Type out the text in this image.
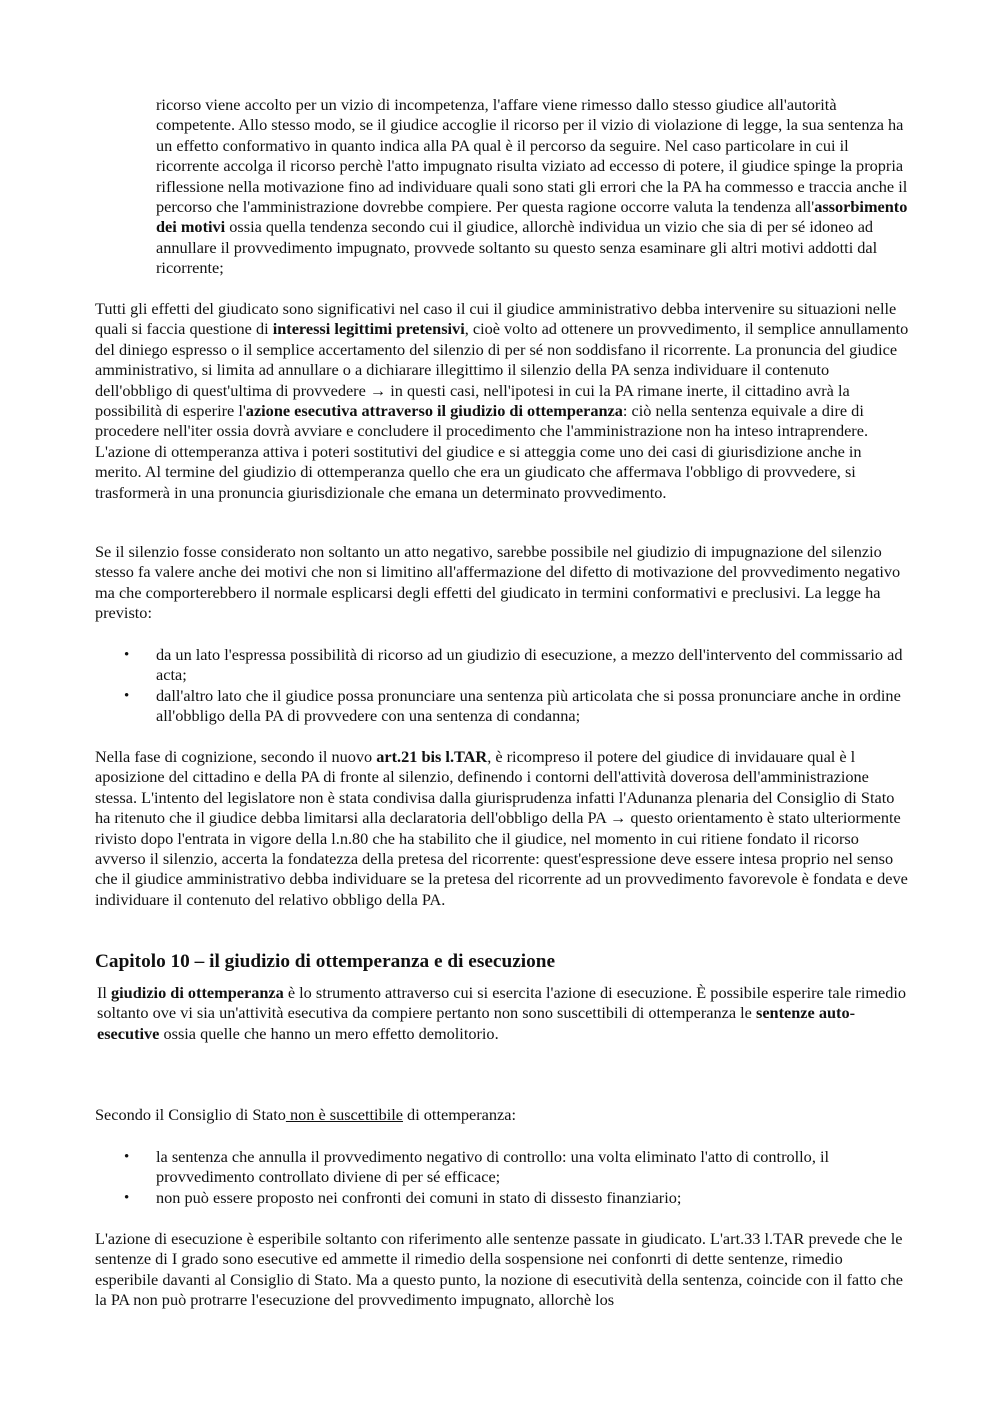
ricorso viene accolto per un vizio di incompetenza, l'affare viene rimesso dallo stesso giudice all'autorità competente. Allo stesso modo, se il giudice accoglie il ricorso per il vizio di violazione di legge, la sua sentenza ha un effetto conformativo in quanto indica alla PA qual è il percorso da seguire. Nel caso particolare in cui il ricorrente accolga il ricorso perchè l'atto impugnato risulta viziato ad eccesso di potere, il giudice spinge la propria riflessione nella motivazione fino ad individuare quali sono stati gli errori che la PA ha commesso e traccia anche il percorso che l'amministrazione dovrebbe compiere. Per questa ragione occorre valuta la tendenza all'assorbimento dei motivi ossia quella tendenza secondo cui il giudice, allorchè individua un vizio che sia di per sé idoneo ad annullare il provvedimento impugnato, provvede soltanto su questo senza esaminare gli altri motivi addotti dal ricorrente;

Tutti gli effetti del giudicato sono significativi nel caso il cui il giudice amministrativo debba intervenire su situazioni nelle quali si faccia questione di interessi legittimi pretensivi, cioè volto ad ottenere un provvedimento, il semplice annullamento del diniego espresso o il semplice accertamento del silenzio di per sé non soddisfano il ricorrente. La pronuncia del giudice amministrativo, si limita ad annullare o a dichiarare illegittimo il silenzio della PA senza individuare il contenuto dell'obbligo di quest'ultima di provvedere → in questi casi, nell'ipotesi in cui la PA rimane inerte, il cittadino avrà la possibilità di esperire l'azione esecutiva attraverso il giudizio di ottemperanza: ciò nella sentenza equivale a dire di procedere nell'iter ossia dovrà avviare e concludere il procedimento che l'amministrazione non ha inteso intraprendere. L'azione di ottemperanza attiva i poteri sostitutivi del giudice e si atteggia come uno dei casi di giurisdizione anche in merito. Al termine del giudizio di ottemperanza quello che era un giudicato che affermava l'obbligo di provvedere, si trasformerà in una pronuncia giurisdizionale che emana un determinato provvedimento.

Se il silenzio fosse considerato non soltanto un atto negativo, sarebbe possibile nel giudizio di impugnazione del silenzio stesso fa valere anche dei motivi che non si limitino all'affermazione del difetto di motivazione del provvedimento negativo ma che comporterebbero il normale esplicarsi degli effetti del giudicato in termini conformativi e preclusivi. La legge ha previsto:

• da un lato l'espressa possibilità di ricorso ad un giudizio di esecuzione, a mezzo dell'intervento del commissario ad acta;
• dall'altro lato che il giudice possa pronunciare una sentenza più articolata che si possa pronunciare anche in ordine all'obbligo della PA di provvedere con una sentenza di condanna;

Nella fase di cognizione, secondo il nuovo art.21 bis l.TAR, è ricompreso il potere del giudice di invidauare qual è l aposizione del cittadino e della PA di fronte al silenzio, definendo i contorni dell'attività doverosa dell'amministrazione stessa. L'intento del legislatore non è stata condivisa dalla giurisprudenza infatti l'Adunanza plenaria del Consiglio di Stato ha ritenuto che il giudice debba limitarsi alla declaratoria dell'obbligo della PA → questo orientamento è stato ulteriormente rivisto dopo l'entrata in vigore della l.n.80 che ha stabilito che il giudice, nel momento in cui ritiene fondato il ricorso avverso il silenzio, accerta la fondatezza della pretesa del ricorrente: quest'espressione deve essere intesa proprio nel senso che il giudice amministrativo debba individuare se la pretesa del ricorrente ad un provvedimento favorevole è fondata e deve individuare il contenuto del relativo obbligo della PA.

Capitolo 10 – il giudizio di ottemperanza e di esecuzione

Il giudizio di ottemperanza è lo strumento attraverso cui si esercita l'azione di esecuzione. È possibile esperire tale rimedio soltanto ove vi sia un'attività esecutiva da compiere pertanto non sono suscettibili di ottemperanza le sentenze auto-esecutive ossia quelle che hanno un mero effetto demolitorio.

Secondo il Consiglio di Stato non è suscettibile di ottemperanza:

• la sentenza che annulla il provvedimento negativo di controllo: una volta eliminato l'atto di controllo, il provvedimento controllato diviene di per sé efficace;
• non può essere proposto nei confronti dei comuni in stato di dissesto finanziario;

L'azione di esecuzione è esperibile soltanto con riferimento alle sentenze passate in giudicato. L'art.33 l.TAR prevede che le sentenze di I grado sono esecutive ed ammette il rimedio della sospensione nei confonrti di dette sentenze, rimedio esperibile davanti al Consiglio di Stato. Ma a questo punto, la nozione di esecutività della sentenza, coincide con il fatto che la PA non può protrarre l'esecuzione del provvedimento impugnato, allorchè los
